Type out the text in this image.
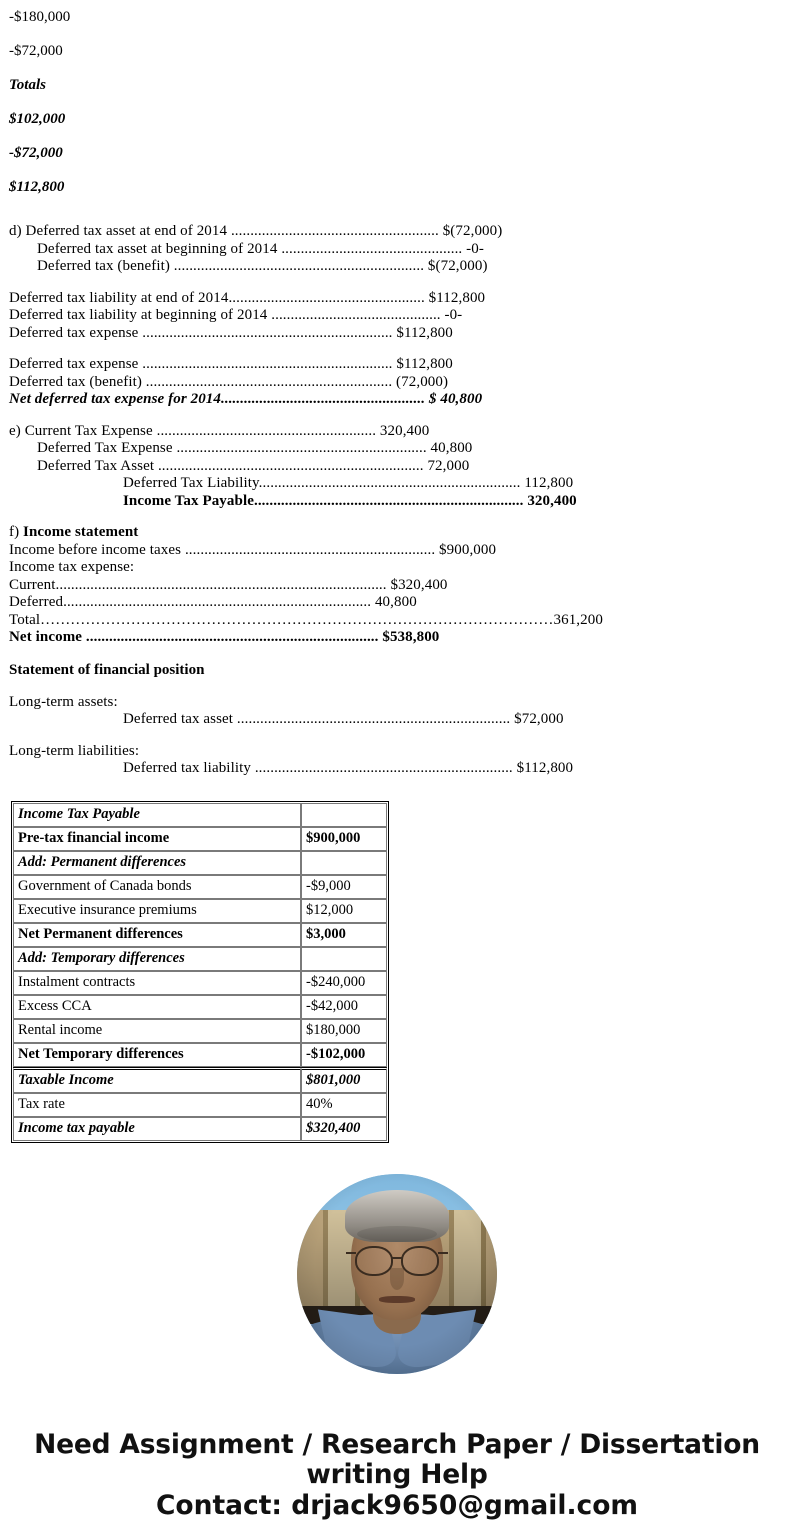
-$180,000
-$72,000
Totals
$102,000
-$72,000
$112,800
d) Deferred tax asset at end of 2014 ...................................................... $(72,000)
Deferred tax asset at beginning of 2014 ............................................... -0-
Deferred tax (benefit) ................................................................. $(72,000)
Deferred tax liability at end of 2014................................................... $112,800
Deferred tax liability at beginning of 2014 ............................................ -0-
Deferred tax expense ................................................................. $112,800
Deferred tax expense ................................................................. $112,800
Deferred tax (benefit) ................................................................ (72,000)
Net deferred tax expense for 2014..................................................... $ 40,800
e) Current Tax Expense ......................................................... 320,400
Deferred Tax Expense ................................................................. 40,800
Deferred Tax Asset ..................................................................... 72,000
Deferred Tax Liability.................................................................... 112,800
Income Tax Payable...................................................................... 320,400
f) Income statement
Income before income taxes ................................................................. $900,000
Income tax expense:
Current...................................................................................... $320,400
Deferred................................................................................ 40,800
Total…………………………………………………………………………………………361,200
Net income ............................................................................ $538,800
Statement of financial position
Long-term assets:
Deferred tax asset ....................................................................... $72,000
Long-term liabilities:
Deferred tax liability ................................................................... $112,800
Income Tax Payable	
Pre-tax financial income	$900,000
Add: Permanent differences	
Government of Canada bonds	-$9,000
Executive insurance premiums	$12,000
Net Permanent differences	$3,000
Add: Temporary differences	
Instalment contracts	-$240,000
Excess CCA	-$42,000
Rental income	$180,000
Net Temporary differences	-$102,000
Taxable Income	$801,000
Tax rate	40%
Income tax payable	$320,400
Need Assignment / Research Paper / Dissertation
writing Help
Contact: drjack9650@gmail.com
